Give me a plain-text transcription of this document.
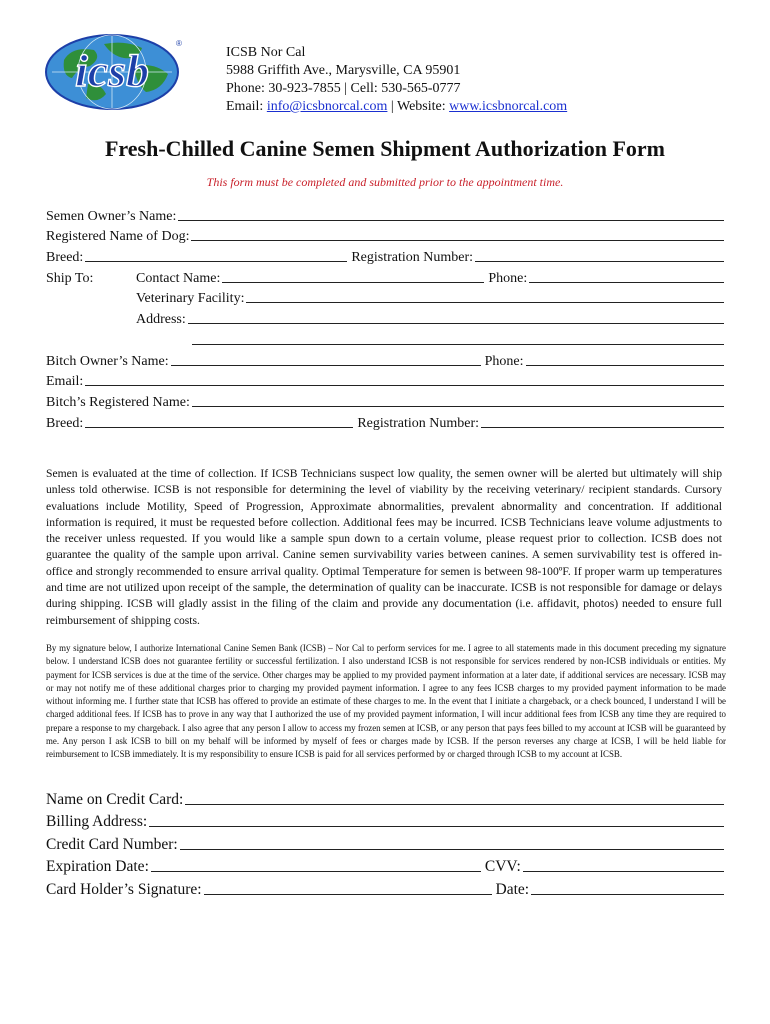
icsb
®
ICSB Nor Cal
5988 Griffith Ave., Marysville, CA 95901
Phone: 30-923-7855 | Cell: 530-565-0777
Email: info@icsbnorcal.com | Website: www.icsbnorcal.com
Fresh-Chilled Canine Semen Shipment Authorization Form
This form must be completed and submitted prior to the appointment time.
Semen Owner’s Name:
Registered Name of Dog:
Breed:	Registration Number:
Ship To:	Contact Name:	Phone:
Veterinary Facility:
Address:
Bitch Owner’s Name:	Phone:
Email:
Bitch’s Registered Name:
Breed:	Registration Number:
Semen is evaluated at the time of collection. If ICSB Technicians suspect low quality, the semen owner will be alerted but ultimately will ship unless told otherwise. ICSB is not responsible for determining the level of viability by the receiving veterinary/ recipient standards. Cursory evaluations include Motility, Speed of Progression, Approximate abnormalities, prevalent abnormality and concentration. If additional information is required, it must be requested before collection. Additional fees may be incurred. ICSB Technicians leave volume adjustments to the receiver unless requested. If you would like a sample spun down to a certain volume, please request prior to collection. ICSB does not guarantee the quality of the sample upon arrival. Canine semen survivability varies between canines. A semen survivability test is offered in-office and strongly recommended to ensure arrival quality. Optimal Temperature for semen is between 98-100ºF. If proper warm up temperatures and time are not utilized upon receipt of the sample, the determination of quality can be inaccurate. ICSB is not responsible for damage or delays during shipping. ICSB will gladly assist in the filing of the claim and provide any documentation (i.e. affidavit, photos) needed to ensure full reimbursement of shipping costs.
By my signature below, I authorize International Canine Semen Bank (ICSB) – Nor Cal to perform services for me. I agree to all statements made in this document preceding my signature below. I understand ICSB does not guarantee fertility or successful fertilization. I also understand ICSB is not responsible for services rendered by non-ICSB individuals or entities. My payment for ICSB services is due at the time of the service. Other charges may be applied to my provided payment information at a later date, if additional services are necessary. ICSB may or may not notify me of these additional charges prior to charging my provided payment information. I agree to any fees ICSB charges to my provided payment information to be made without informing me. I further state that ICSB has offered to provide an estimate of these charges to me. In the event that I initiate a chargeback, or a check bounced, I understand I will be charged additional fees. If ICSB has to prove in any way that I authorized the use of my provided payment information, I will incur additional fees from ICSB any time they are required to prepare a response to my chargeback. I also agree that any person I allow to access my frozen semen at ICSB, or any person that pays fees billed to my account at ICSB will be guaranteed by me. Any person I ask ICSB to bill on my behalf will be informed by myself of fees or charges made by ICSB. If the person reverses any charge at ICSB, I will be held liable for reimbursement to ICSB immediately. It is my responsibility to ensure ICSB is paid for all services performed by or charged through ICSB to my account at ICSB.
Name on Credit Card:
Billing Address:
Credit Card Number:
Expiration Date:	CVV:
Card Holder’s Signature:	Date:
